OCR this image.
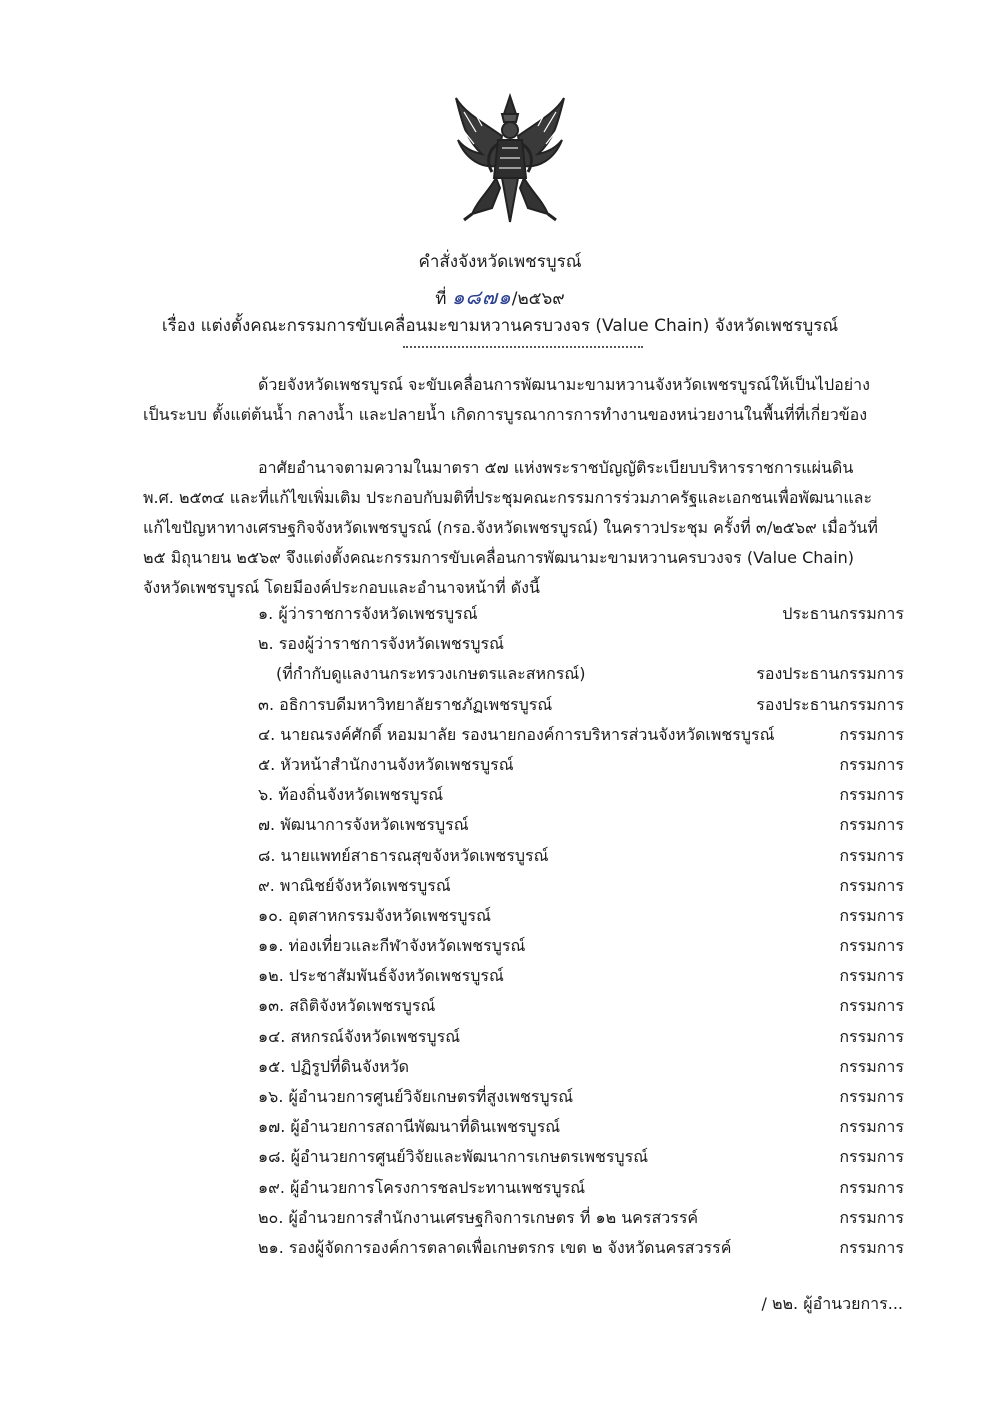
คำสั่งจังหวัดเพชรบูรณ์
ที่ ๑๘๗๑/๒๕๖๙
เรื่อง แต่งตั้งคณะกรรมการขับเคลื่อนมะขามหวานครบวงจร (Value Chain) จังหวัดเพชรบูรณ์
ด้วยจังหวัดเพชรบูรณ์ จะขับเคลื่อนการพัฒนามะขามหวานจังหวัดเพชรบูรณ์ให้เป็นไปอย่าง
เป็นระบบ ตั้งแต่ต้นน้ำ กลางน้ำ และปลายน้ำ เกิดการบูรณาการการทำงานของหน่วยงานในพื้นที่ที่เกี่ยวข้อง
อาศัยอำนาจตามความในมาตรา ๕๗ แห่งพระราชบัญญัติระเบียบบริหารราชการแผ่นดิน
พ.ศ. ๒๕๓๔ และที่แก้ไขเพิ่มเติม ประกอบกับมติที่ประชุมคณะกรรมการร่วมภาครัฐและเอกชนเพื่อพัฒนาและ
แก้ไขปัญหาทางเศรษฐกิจจังหวัดเพชรบูรณ์ (กรอ.จังหวัดเพชรบูรณ์) ในคราวประชุม ครั้งที่ ๓/๒๕๖๙ เมื่อวันที่
๒๕ มิถุนายน ๒๕๖๙ จึงแต่งตั้งคณะกรรมการขับเคลื่อนการพัฒนามะขามหวานครบวงจร (Value Chain)
จังหวัดเพชรบูรณ์ โดยมีองค์ประกอบและอำนาจหน้าที่ ดังนี้
๑. ผู้ว่าราชการจังหวัดเพชรบูรณ์	ประธานกรรมการ
๒. รองผู้ว่าราชการจังหวัดเพชรบูรณ์
(ที่กำกับดูแลงานกระทรวงเกษตรและสหกรณ์)	รองประธานกรรมการ
๓. อธิการบดีมหาวิทยาลัยราชภัฏเพชรบูรณ์	รองประธานกรรมการ
๔. นายณรงค์ศักดิ์ หอมมาลัย รองนายกองค์การบริหารส่วนจังหวัดเพชรบูรณ์	กรรมการ
๕. หัวหน้าสำนักงานจังหวัดเพชรบูรณ์	กรรมการ
๖. ท้องถิ่นจังหวัดเพชรบูรณ์	กรรมการ
๗. พัฒนาการจังหวัดเพชรบูรณ์	กรรมการ
๘. นายแพทย์สาธารณสุขจังหวัดเพชรบูรณ์	กรรมการ
๙. พาณิชย์จังหวัดเพชรบูรณ์	กรรมการ
๑๐. อุตสาหกรรมจังหวัดเพชรบูรณ์	กรรมการ
๑๑. ท่องเที่ยวและกีฬาจังหวัดเพชรบูรณ์	กรรมการ
๑๒. ประชาสัมพันธ์จังหวัดเพชรบูรณ์	กรรมการ
๑๓. สถิติจังหวัดเพชรบูรณ์	กรรมการ
๑๔. สหกรณ์จังหวัดเพชรบูรณ์	กรรมการ
๑๕. ปฏิรูปที่ดินจังหวัด	กรรมการ
๑๖. ผู้อำนวยการศูนย์วิจัยเกษตรที่สูงเพชรบูรณ์	กรรมการ
๑๗. ผู้อำนวยการสถานีพัฒนาที่ดินเพชรบูรณ์	กรรมการ
๑๘. ผู้อำนวยการศูนย์วิจัยและพัฒนาการเกษตรเพชรบูรณ์	กรรมการ
๑๙. ผู้อำนวยการโครงการชลประทานเพชรบูรณ์	กรรมการ
๒๐. ผู้อำนวยการสำนักงานเศรษฐกิจการเกษตร ที่ ๑๒ นครสวรรค์	กรรมการ
๒๑. รองผู้จัดการองค์การตลาดเพื่อเกษตรกร เขต ๒ จังหวัดนครสวรรค์	กรรมการ
/ ๒๒. ผู้อำนวยการ...
